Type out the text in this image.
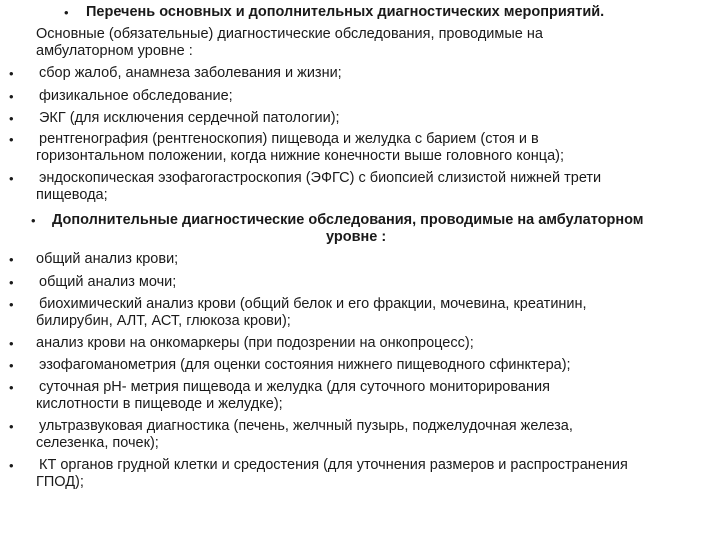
• Перечень основных и дополнительных диагностических мероприятий.
Основные (обязательные) диагностические обследования, проводимые на
амбулаторном уровне :
• сбор жалоб, анамнеза заболевания и жизни;
• физикальное обследование;
• ЭКГ (для исключения сердечной патологии);
• рентгенография (рентгеноскопия) пищевода и желудка с барием (стоя и в
горизонтальном положении, когда нижние конечности выше головного конца);
• эндоскопическая эзофагогастроскопия (ЭФГС) с биопсией слизистой нижней трети
пищевода;
• Дополнительные диагностические обследования, проводимые на амбулаторном
уровне :
• общий анализ крови;
• общий анализ мочи;
• биохимический анализ крови (общий белок и его фракции, мочевина, креатинин,
билирубин, АЛТ, АСТ, глюкоза крови);
• анализ крови на онкомаркеры (при подозрении на онкопроцесс);
• эзофагоманометрия (для оценки состояния нижнего пищеводного сфинктера);
• суточная рН- метрия пищевода и желудка (для суточного мониторирования
кислотности в пищеводе и желудке);
• ультразвуковая диагностика (печень, желчный пузырь, поджелудочная железа,
селезенка, почек);
• КТ органов грудной клетки и средостения (для уточнения размеров и распространения
ГПОД);
